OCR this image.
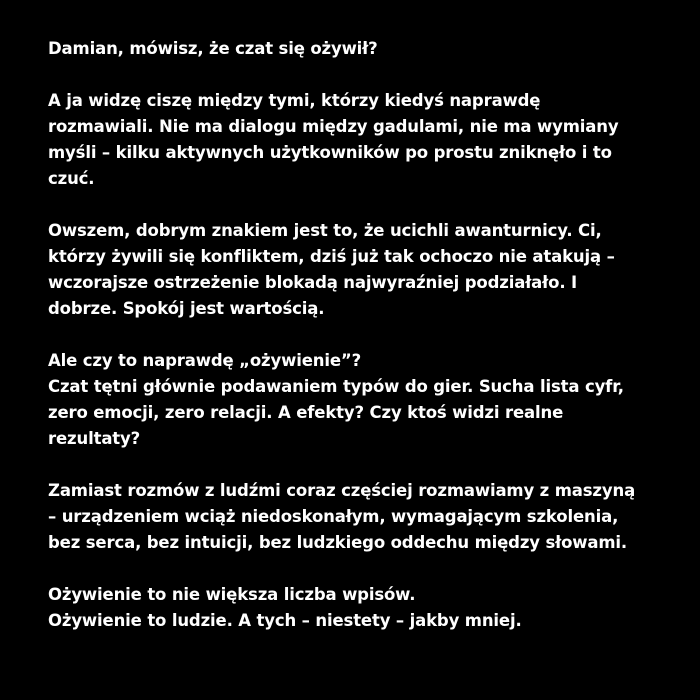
Damian, mówisz, że czat się ożywił?

A ja widzę ciszę między tymi, którzy kiedyś naprawdę
rozmawiali. Nie ma dialogu między gadulami, nie ma wymiany
myśli – kilku aktywnych użytkowników po prostu zniknęło i to
czuć.

Owszem, dobrym znakiem jest to, że ucichli awanturnicy. Ci,
którzy żywili się konfliktem, dziś już tak ochoczo nie atakują –
wczorajsze ostrzeżenie blokadą najwyraźniej podziałało. I
dobrze. Spokój jest wartością.

Ale czy to naprawdę „ożywienie”?
Czat tętni głównie podawaniem typów do gier. Sucha lista cyfr,
zero emocji, zero relacji. A efekty? Czy ktoś widzi realne
rezultaty?

Zamiast rozmów z ludźmi coraz częściej rozmawiamy z maszyną
– urządzeniem wciąż niedoskonałym, wymagającym szkolenia,
bez serca, bez intuicji, bez ludzkiego oddechu między słowami.

Ożywienie to nie większa liczba wpisów.
Ożywienie to ludzie. A tych – niestety – jakby mniej.
